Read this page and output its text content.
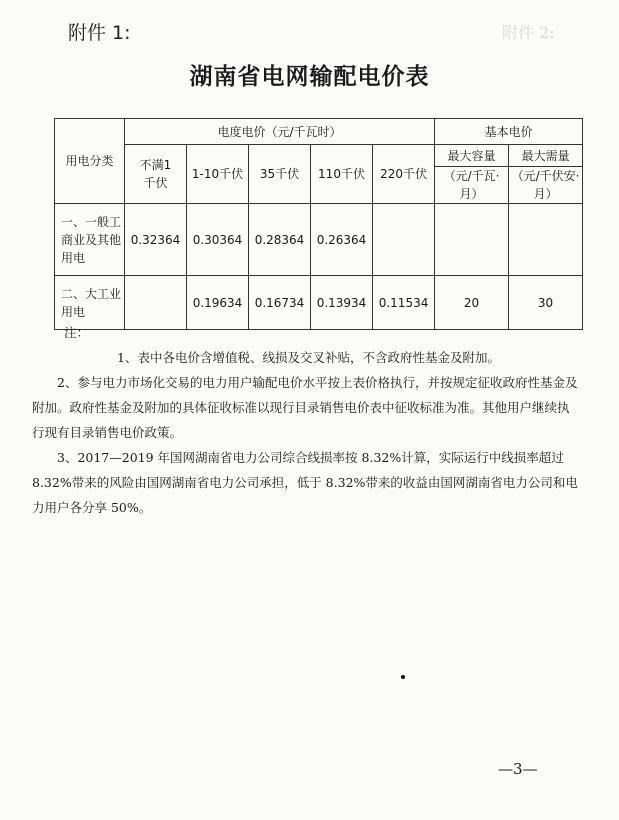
附件 1:	附件 2:
湖南省电网输配电价表
用电分类	电度电价（元/千瓦时）					基本电价	
	不满1千伏	1-10千伏	35千伏	110千伏	220千伏	最大容量	最大需量
						（元/千瓦·月）	（元/千伏安·月）
一、一般工商业及其他用电	0.32364	0.30364	0.28364	0.26364			
二、大工业用电		0.19634	0.16734	0.13934	0.11534	20	30

注：

1、表中各电价含增值税、线损及交叉补贴，不含政府性基金及附加。

2、参与电力市场化交易的电力用户输配电价水平按上表价格执行，并按规定征收政府性基金及附加。政府性基金及附加的具体征收标准以现行目录销售电价表中征收标准为准。其他用户继续执行现有目录销售电价政策。

3、2017—2019 年国网湖南省电力公司综合线损率按 8.32%计算，实际运行中线损率超过8.32%带来的风险由国网湖南省电力公司承担，低于 8.32%带来的收益由国网湖南省电力公司和电力用户各分享 50%。

—3—
